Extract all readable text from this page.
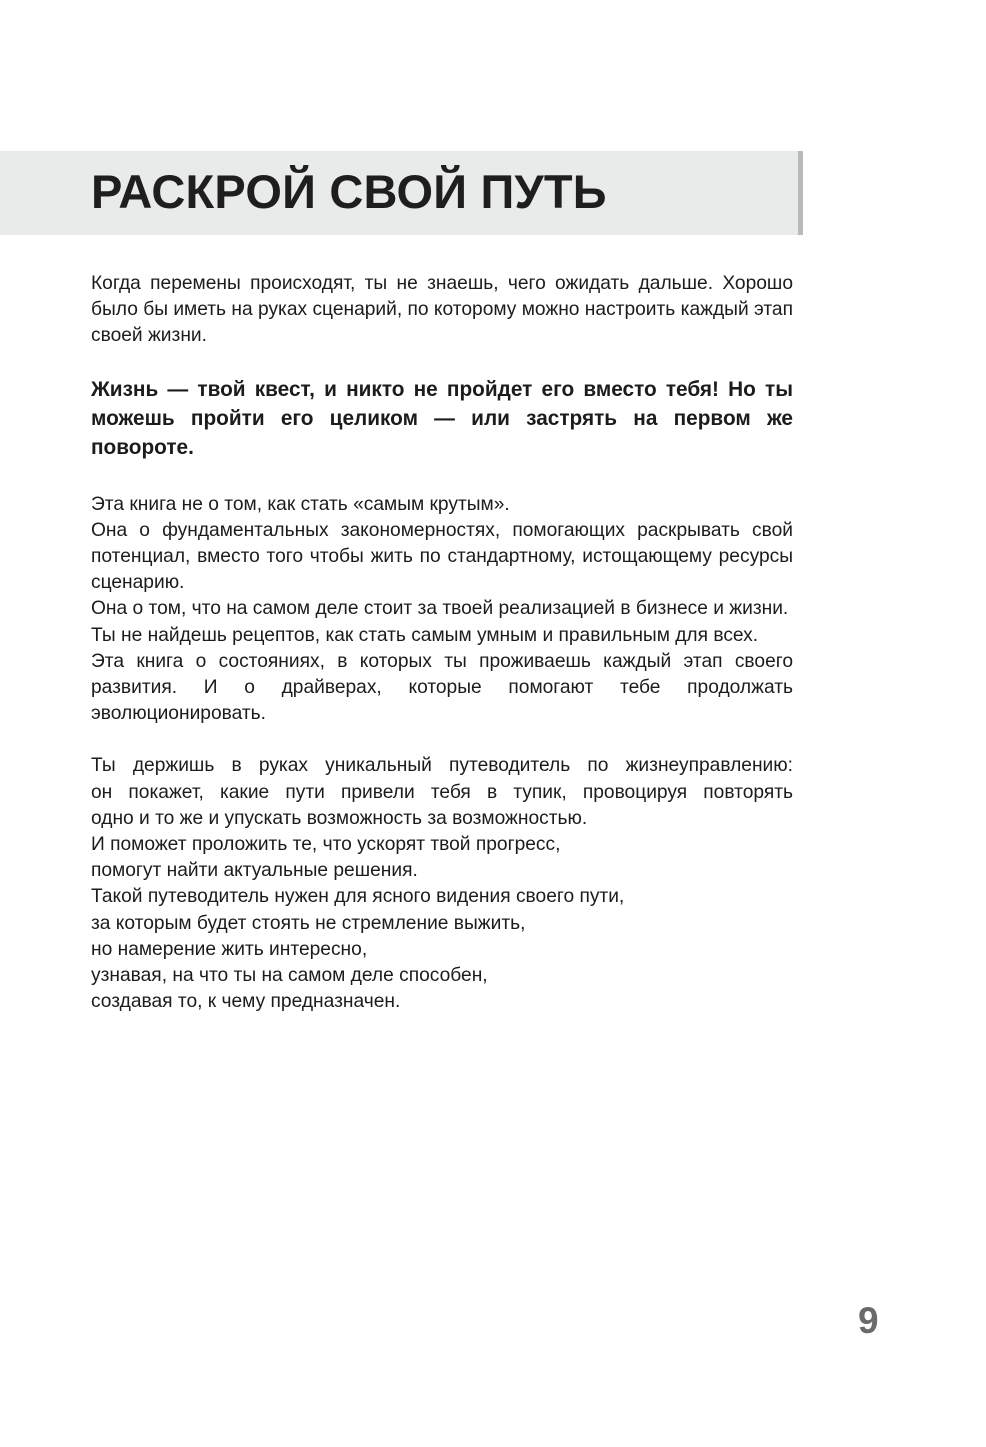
РАСКРОЙ СВОЙ ПУТЬ

Когда перемены происходят, ты не знаешь, чего ожидать дальше. Хорошо было бы иметь на руках сценарий, по которому можно настроить каждый этап своей жизни.

Жизнь — твой квест, и никто не пройдет его вместо тебя! Но ты можешь пройти его целиком — или застрять на первом же повороте.

Эта книга не о том, как стать «самым крутым».

Она о фундаментальных закономерностях, помогающих раскрывать свой потенциал, вместо того чтобы жить по стандартному, истощающему ресурсы сценарию.

Она о том, что на самом деле стоит за твоей реализацией в бизнесе и жизни.

Ты не найдешь рецептов, как стать самым умным и правильным для всех.

Эта книга о состояниях, в которых ты проживаешь каждый этап своего развития. И о драйверах, которые помогают тебе продолжать эволюционировать.

Ты держишь в руках уникальный путеводитель по жизнеуправлению:

он покажет, какие пути привели тебя в тупик, провоцируя повторять

одно и то же и упускать возможность за возможностью.

И поможет проложить те, что ускорят твой прогресс,

помогут найти актуальные решения.

Такой путеводитель нужен для ясного видения своего пути,

за которым будет стоять не стремление выжить,

но намерение жить интересно,

узнавая, на что ты на самом деле способен,

создавая то, к чему предназначен.

9
